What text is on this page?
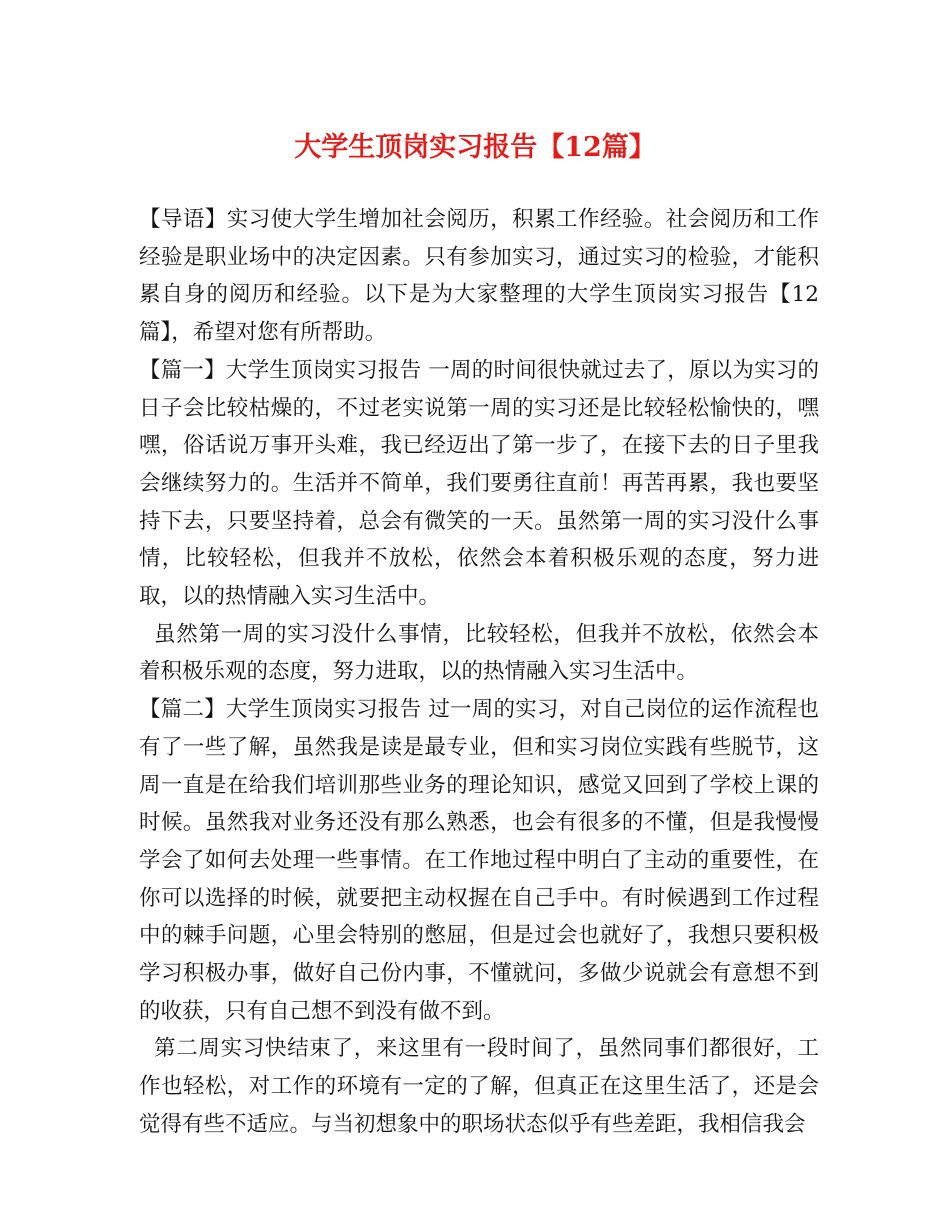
大学生顶岗实习报告【12篇】

【导语】实习使大学生增加社会阅历，积累工作经验。社会阅历和工作经验是职业场中的决定因素。只有参加实习，通过实习的检验，才能积累自身的阅历和经验。以下是为大家整理的大学生顶岗实习报告【12篇】，希望对您有所帮助。

【篇一】大学生顶岗实习报告 一周的时间很快就过去了，原以为实习的日子会比较枯燥的，不过老实说第一周的实习还是比较轻松愉快的，嘿嘿，俗话说万事开头难，我已经迈出了第一步了，在接下去的日子里我会继续努力的。生活并不简单，我们要勇往直前！再苦再累，我也要坚持下去，只要坚持着，总会有微笑的一天。虽然第一周的实习没什么事情，比较轻松，但我并不放松，依然会本着积极乐观的态度，努力进取，以的热情融入实习生活中。

虽然第一周的实习没什么事情，比较轻松，但我并不放松，依然会本着积极乐观的态度，努力进取，以的热情融入实习生活中。

【篇二】大学生顶岗实习报告 过一周的实习，对自己岗位的运作流程也有了一些了解，虽然我是读是最专业，但和实习岗位实践有些脱节，这周一直是在给我们培训那些业务的理论知识，感觉又回到了学校上课的时候。虽然我对业务还没有那么熟悉，也会有很多的不懂，但是我慢慢学会了如何去处理一些事情。在工作地过程中明白了主动的重要性，在你可以选择的时候，就要把主动权握在自己手中。有时候遇到工作过程中的棘手问题，心里会特别的憋屈，但是过会也就好了，我想只要积极学习积极办事，做好自己份内事，不懂就问，多做少说就会有意想不到的收获，只有自己想不到没有做不到。

第二周实习快结束了，来这里有一段时间了，虽然同事们都很好，工作也轻松，对工作的环境有一定的了解，但真正在这里生活了，还是会觉得有些不适应。与当初想象中的职场状态似乎有些差距，我相信我会
